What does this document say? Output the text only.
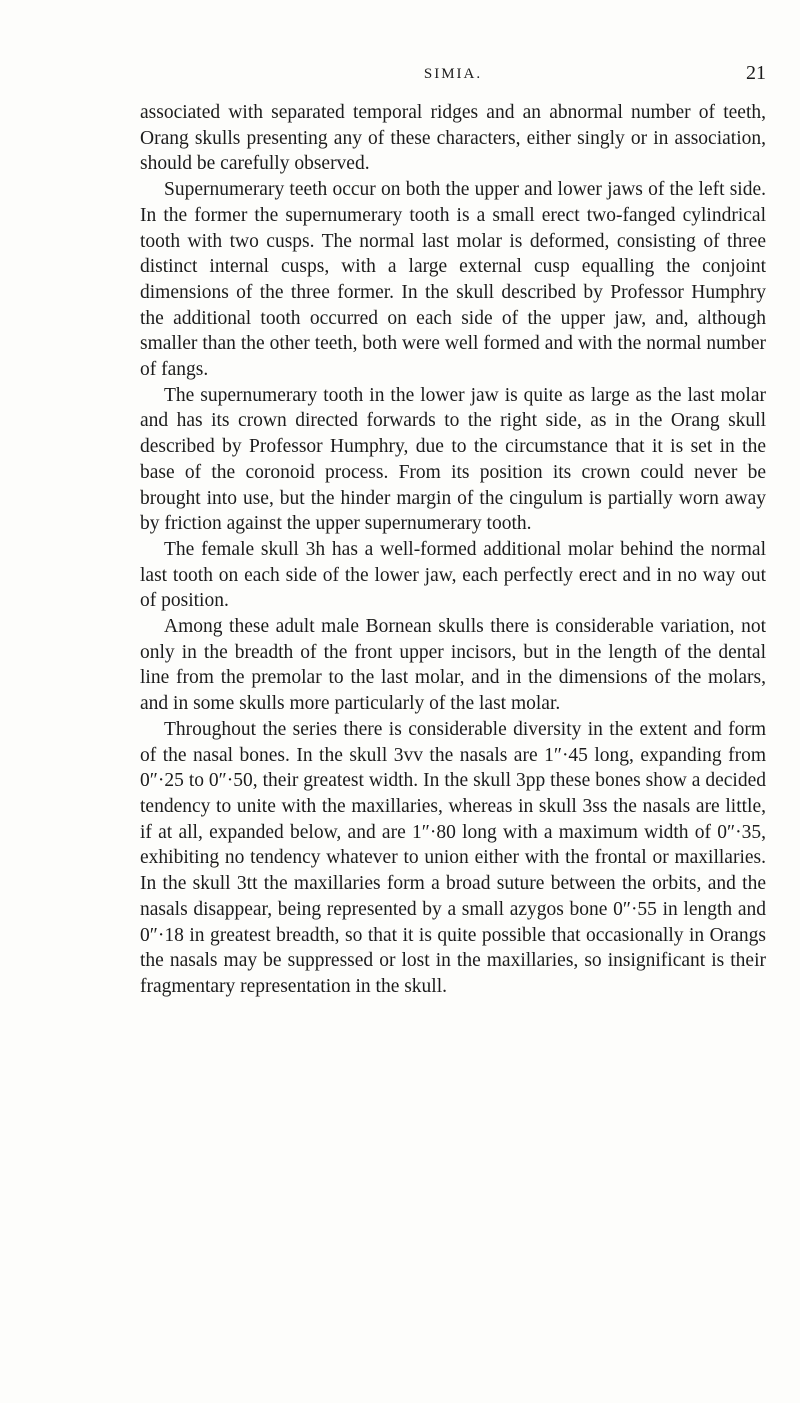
SIMIA.	21

associated with separated temporal ridges and an abnormal number of teeth, Orang skulls presenting any of these characters, either singly or in association, should be carefully observed.

Supernumerary teeth occur on both the upper and lower jaws of the left side. In the former the supernumerary tooth is a small erect two-fanged cylindrical tooth with two cusps. The normal last molar is deformed, consisting of three distinct internal cusps, with a large external cusp equalling the conjoint dimensions of the three former. In the skull described by Professor Humphry the additional tooth occurred on each side of the upper jaw, and, although smaller than the other teeth, both were well formed and with the normal number of fangs.

The supernumerary tooth in the lower jaw is quite as large as the last molar and has its crown directed forwards to the right side, as in the Orang skull described by Professor Humphry, due to the circumstance that it is set in the base of the coronoid process. From its position its crown could never be brought into use, but the hinder margin of the cingulum is partially worn away by friction against the upper supernumerary tooth.

The female skull 3h has a well-formed additional molar behind the normal last tooth on each side of the lower jaw, each perfectly erect and in no way out of position.

Among these adult male Bornean skulls there is considerable variation, not only in the breadth of the front upper incisors, but in the length of the dental line from the premolar to the last molar, and in the dimensions of the molars, and in some skulls more particularly of the last molar.

Throughout the series there is considerable diversity in the extent and form of the nasal bones. In the skull 3vv the nasals are 1″·45 long, expanding from 0″·25 to 0″·50, their greatest width. In the skull 3pp these bones show a decided tendency to unite with the maxillaries, whereas in skull 3ss the nasals are little, if at all, expanded below, and are 1″·80 long with a maximum width of 0″·35, exhibiting no tendency whatever to union either with the frontal or maxillaries. In the skull 3tt the maxillaries form a broad suture between the orbits, and the nasals disappear, being represented by a small azygos bone 0″·55 in length and 0″·18 in greatest breadth, so that it is quite possible that occasionally in Orangs the nasals may be suppressed or lost in the maxillaries, so insignificant is their fragmentary representation in the skull.
